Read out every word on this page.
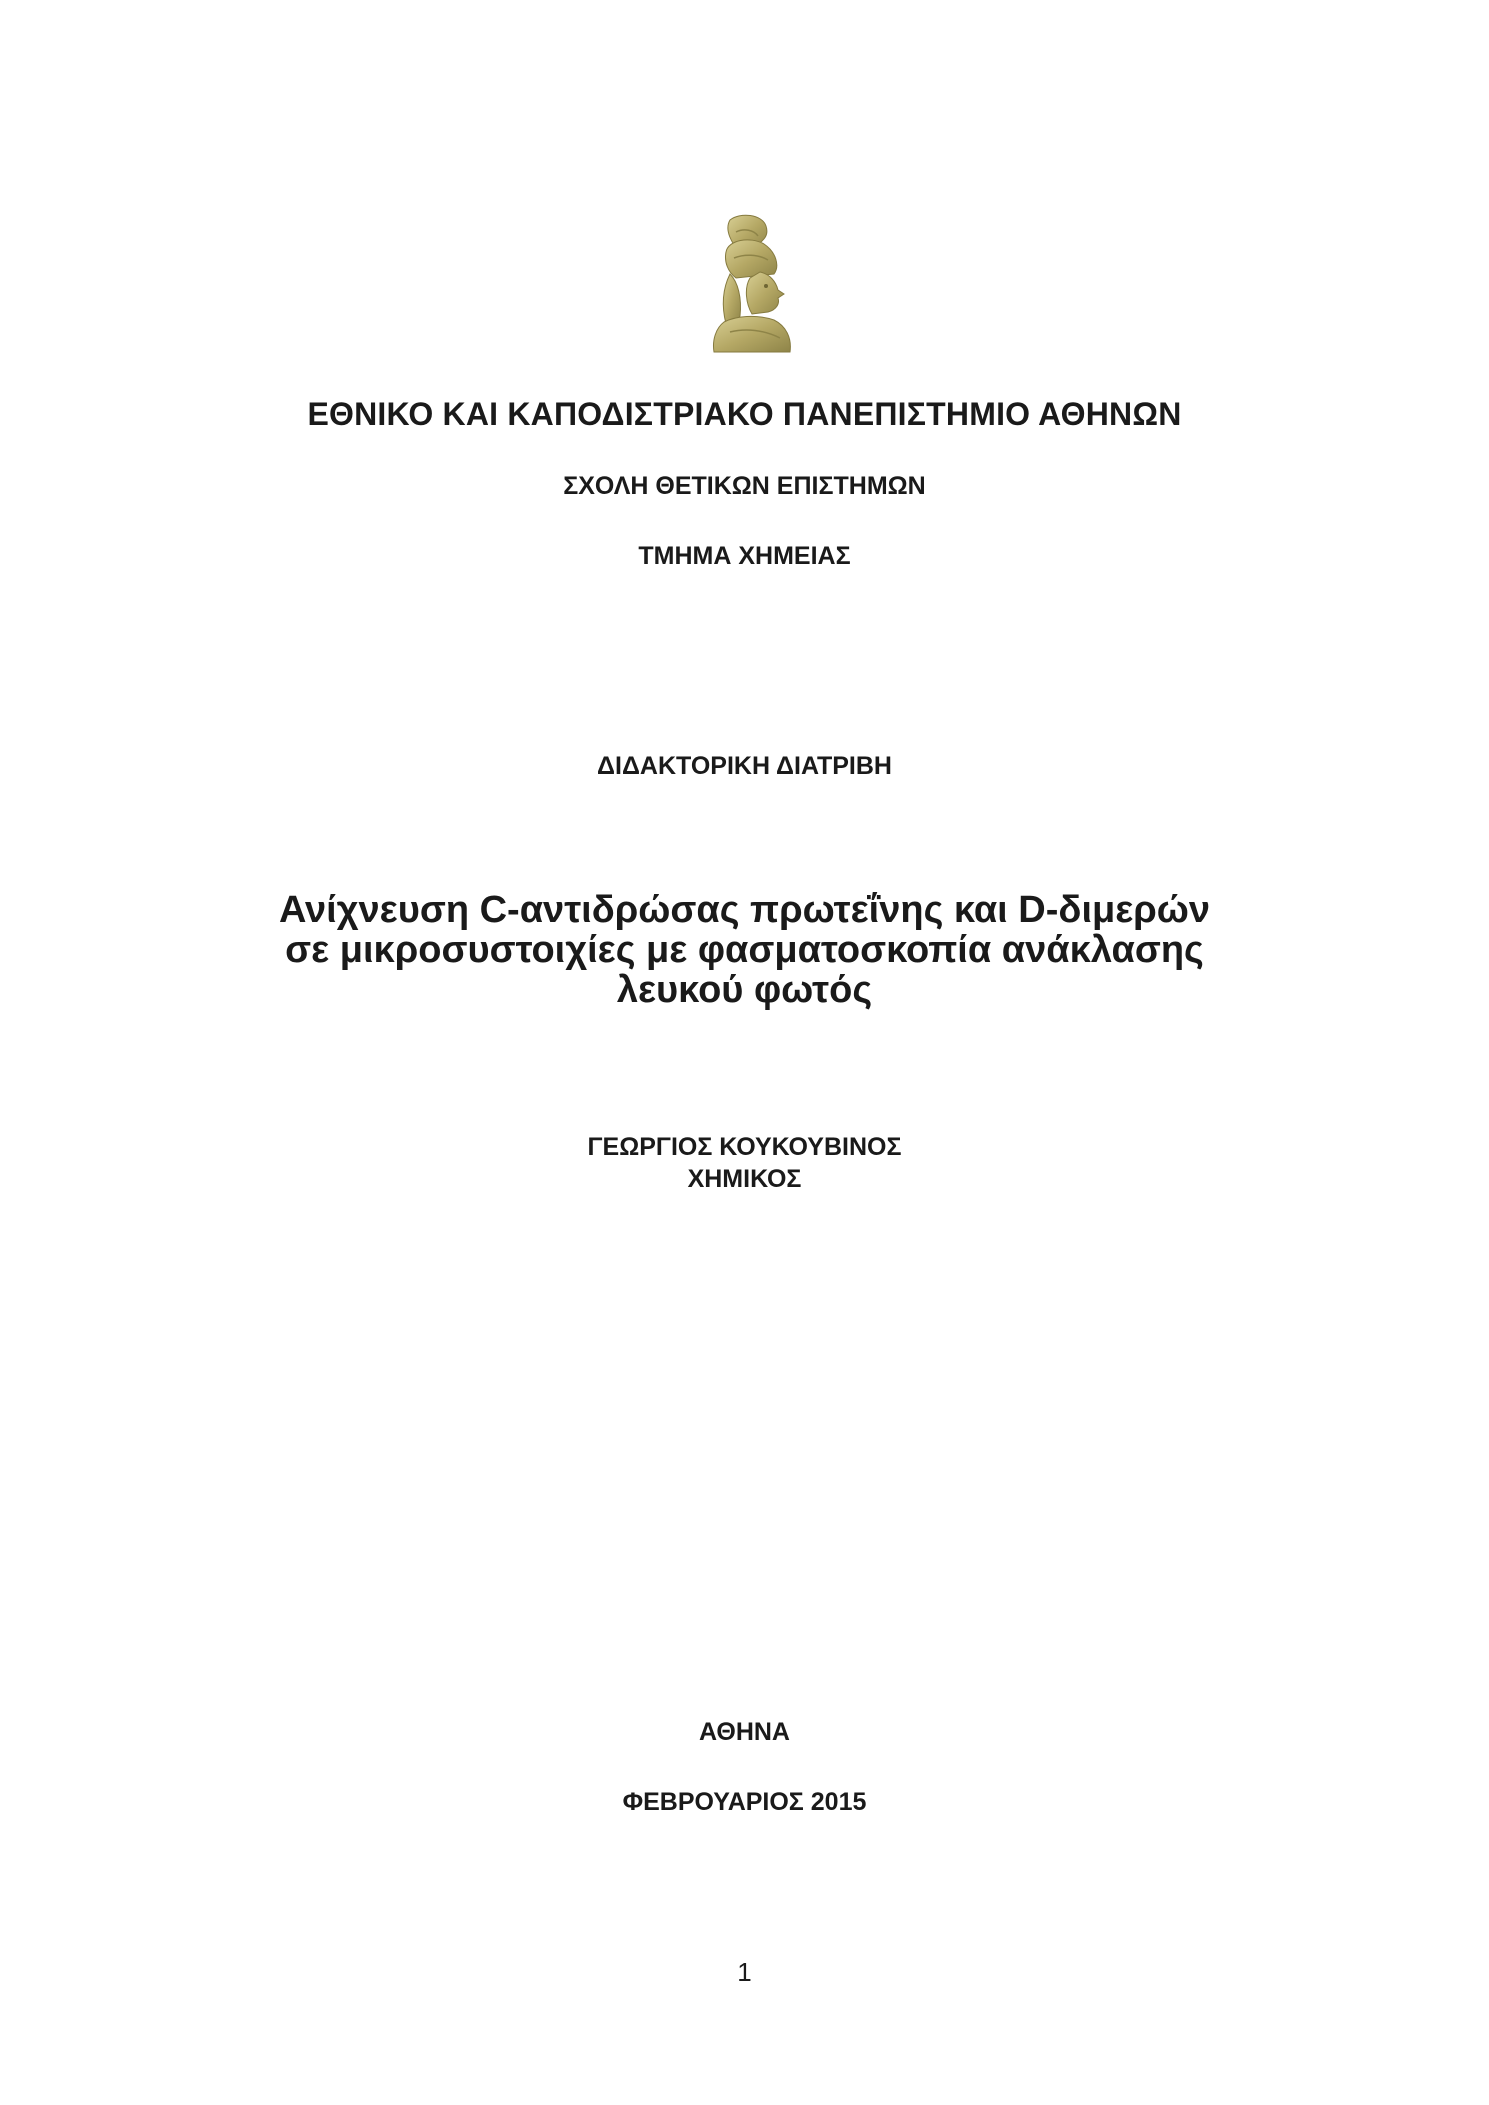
ΕΘΝΙΚΟ ΚΑΙ ΚΑΠΟΔΙΣΤΡΙΑΚΟ ΠΑΝΕΠΙΣΤΗΜΙΟ ΑΘΗΝΩΝ
ΣΧΟΛΗ ΘΕΤΙΚΩΝ ΕΠΙΣΤΗΜΩΝ
ΤΜΗΜΑ ΧΗΜΕΙΑΣ
ΔΙΔΑΚΤΟΡΙΚΗ ΔΙΑΤΡΙΒΗ
Ανίχνευση C-αντιδρώσας πρωτεΐνης και D-διμερών
σε μικροσυστοιχίες με φασματοσκοπία ανάκλασης
λευκού φωτός
ΓΕΩΡΓΙΟΣ ΚΟΥΚΟΥΒΙΝΟΣ
ΧΗΜΙΚΟΣ
ΑΘΗΝΑ
ΦΕΒΡΟΥΑΡΙΟΣ 2015
1
